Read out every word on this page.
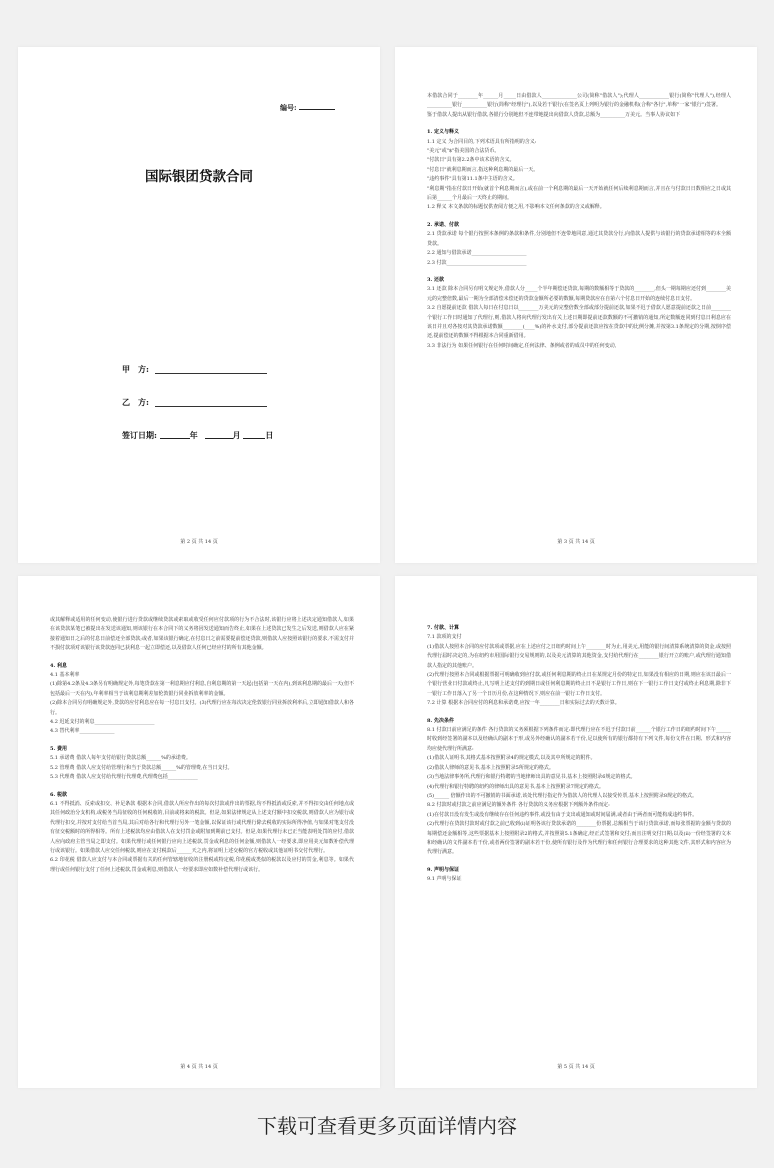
编号:
国际银团贷款合同
甲　方:
乙　方:
签订日期:	年	月	日
第 2 页 共 14 页

本借款合同于________年______月_____日由借款人______________公司(简称"借款人");代理人____________银行(简称"代理人"),经理人__________银行__________银行(简称"经理行"),以及若干银行(在签名页上列明为银行的金融机构(合称"各行",单称"一家"银行")签署。

鉴于借款人提出从银行借款,各银行分别地但不连带地提出向借款人贷款,总额为__________万美元。当事人协议如下

1. 定义与释义

1.1 定义 为合同目的,下列术语具有所指明的含义:

"美元"或"$"指美国的合法货币。

"付款日"具有第2.2条中该术语的含义。

"付息日"就利息期而言,指这种利息期的最后一天。

"违约事件"具有第11.1条中主语的含义。

"利息期"指在付款日开始(就首个利息期而言),或在前一个利息期的最后一天开始就任何后续利息期而言,并且在与付款日日数相应之日或其后第______个月最后一天终止的期间。

1.2 释义 本文条款的标题仅供查阅方便之用,不影响本文任何条款的含义或解释。

2. 承诺、付款

2.1 贷款承诺 每个银行按照本条例的条款和条件,分别地但不连带地同意,通过其贷款分行,向借款人提供与该银行的贷款承诺相等的本全额贷款。

2.2 通知与借款承诺______________________

2.3 付款________________________________

3. 还款

3.1 还款 除本合同另有明文规定外,借款人分_____个半年期偿还贷款,每期的数额相等于贷款的________,但头一期每期应还付到________美元的完整倍数,最后一期为全部清偿未偿还的贷款金额所必要的数额,每期贷款应在自第六个付息日开始的连续付息日支付。

3.2 自愿提前还款 借款人每日在付息日以________万美元的完整倍数全部或部分提前还款,如果不迟于借款人愿意提前还款之日前________个银行工作日时通知了代理行,则,借款人将向代理行发出有关上述日期即提前还款数额的不可撤销的通知,所定数额连同到付息日利息应在该日并且对各按对其贷款承诺数额________(____%)的补水支付,部分提前还款应按在贷款中的比例分摊,并按第3.1条规定的分期,按倒序偿还,提前偿还的数额不得根据本合同重新借用。

3.3 非法行为 如果任何银行在任何时间确定,任何法律、条例或者的成员中的任何变动,

第 3 页 共 14 页

或其解释或适用的任何变动,使银行进行贷款或继续贷款或索取或收受任何应付款项的行为不合法时,该银行应将上述决定通知借款人,如果在该贷款某笔已被提出在发送该通知,则该银行在本合同下的义务将因发送通知而告终止,如果在上述贷款已发生之后发送,则借款人应在紧接着通知日之后的付息日前偿还全部贷款;或者,如果该银行确定,在付息日之前需要提前偿还贷款,则借款人应按照该银行的要求,不需支付并不损付款项对该银行该贷款连同已获利息一起立即偿还,以及借款人任何已经应付的所有其他金额。

4. 利息

4.1 基本利率

(1)除第4.2条及4.3条另有明确规定外,每笔贷款在第一利息期应付利息,自利息期的第一天起(包括第一天在内),到该利息期的最后一天(但不包括最后一天在内),年利率相当于该利息期利差加伦敦银行同业拆放利率的金额。

(2)除本合同另有明确规定外,贷款的应付利息应在每一付息日支付。(3)代理行应在每次决定伦敦银行同业拆放利率后,立即通知借款人和各行。

4.2 迟延支付的利息________________________

4.3 替代利率______________

5. 费用

5.1 承诺费 借款人每年支付给银行贷款总额______%的承诺费。

5.2 管理费 借款人应支付给管理行和当于贷款总额______%的管理费,在当日支付。

5.3 代理费 借款人应支付给代理行代理费,代理费包括____________

6. 税款

6.1 不得抵消、反索或扣交、补足条款 根据本合同,借款人所应作出的每次付款或作出的票据,均不得抵消或反索,并不得扣交由任何地点或其任何政治分支机构,或税务当局征收的任何税收的,目前或将来的税款。但是,如果法律规定从上述支付额中扣交税款,则借款人应为银行或代理行扣交,并按对支付给当首当局,其后对给各行和代理行另外一笔金额,以保证该行或代理行除去税收的实际所得净值,与如果对笔支付没有征交税额时的所得相等。所有上述税款均应由借款人在支付罚金或附加到期前已支付。但是,如果代理行未已正当能表明处罚的应付,借款人应向政府主管当局之即支付。如果代理行或任何银行应向上述税款,罚金或利息的任何金额,则借款人一经要求,即应用美元如数补偿代理行或该银行。如果借款人应交任何税款,则应在支付税款后______天之内,将证明上述交税的官方税收或其他证明书交付代理行。

6.2 印花税 借款人应支付与本合同或票据有关的任何管辖地征收的注册税或特定税,印花税或类似的税款以及应付的罚金,利息等。如果代理行或任何银行支付了任何上述税款,罚金或利息,则借款人一经要求即应如数补偿代理行或该行。

第 4 页 共 14 页

7. 付款、计算

7.1 款项的支付

(1)借款人按照本合同的应付款项或票据,应在上述应付之日纽约时间上午________时为止,用美元,用能的银行间清算系统清算的资金,或按照代理行届时决定的,为在纽约市用国际银行交易规则的,以及美元清算的其他资金,支付给代理行在________银行开立的账户,或代理行通知借款人指定的其他账户。

(2)代理行按照本合同或根据票据可明确收到应付款,或任何利息期的终止日在某规定月份的特定日,如果没有相应的日期,则应在该日最后一个银行营业日付款或终止,凡写明上述支付的到期日或任何利息期的终止日不是银行工作日,则在下一银行工作日支付或终止利息期,除非下一银行工作日落入了另一个日历月份,在这种情况下,则应在前一银行工作日支付。

7.2 计算 根据本合同应付的利息和承诺费,应按一年________日和实际过去的天数计算。

8. 先决条件

8.1 付款日前应满足的条件 各行贷款的义务须根据下列条件而定:即代理行应在不迟于付款日前______个银行工作日的纽约时间下午______时收到经签署的副本以及经确认的副本于形,或另外经确认的副本若干份,足以使所有的银行都持有下列文件,每份文件在日期、形式和内容均应使代理行所满意:

(1)借款人证明书,其格式基本按照附录4的规定模式,以及其中所规定的附件。

(2)借款人律师的意见书,基本上按照附录5所规定的格式。

(3)当地法律事务所,代理行和银行特聘的当地律师出具的意见书,基本上按照附录6规定的格式。

(4)代理行和银行特聘的纽约的律师出具的意见书,基本上按照附录7规定的格式。

(5)______ 倍额作出的不可撤销的书面承诺,该处代理行指定作为借款人的代理人以接受传票,基本上按照附录8规定的格式。

8.2 付款时或付款之前应满足的额外条件 各行贷款的义务应根据下列额外条件而定:

(1)在付款日没有发生或没有继续存在任何违约事件,或没有由于支出或通知或时间届满,或者由于两者而可能构成违约事件。

(2)代理行在贷款付款时或付款之前已收到(i)证明各该行贷款承诺的________份票据,总额相当于该行贷款承诺,而每张票据的金额与贷款的每期偿还金额相等,这些票据基本上按照附录2的格式,并按照第5.1条确定,经正式签署和交付;而且注明交付日期;以及(ii)一份经签署的文本和经确认的文件副本若干份,或者两份签署的副本若干份,使所有银行及作为代理行和任何银行合理要求的这种其他文件,其形式和内容应为代理行满意。

9. 声明与保证

9.1 声明与保证

第 5 页 共 14 页
下载可查看更多页面详情内容
